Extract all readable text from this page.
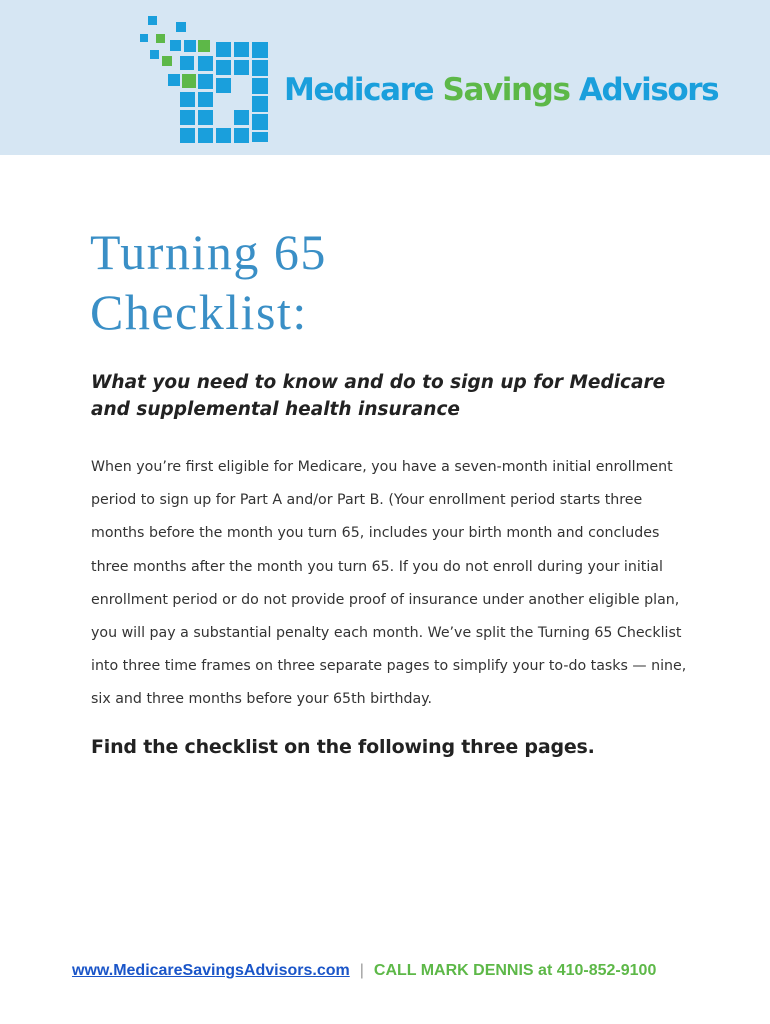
Medicare Savings Advisors
Turning 65
Checklist:

What you need to know and do to sign up for Medicare and supplemental health insurance

When you’re first eligible for Medicare, you have a seven-month initial enrollment period to sign up for Part A and/or Part B. (Your enrollment period starts three months before the month you turn 65, includes your birth month and concludes three months after the month you turn 65. If you do not enroll during your initial enrollment period or do not provide proof of insurance under another eligible plan, you will pay a substantial penalty each month. We’ve split the Turning 65 Checklist into three time frames on three separate pages to simplify your to-do tasks — nine, six and three months before your 65th birthday.

Find the checklist on the following three pages.

www.MedicareSavingsAdvisors.com | CALL MARK DENNIS at 410-852-9100
